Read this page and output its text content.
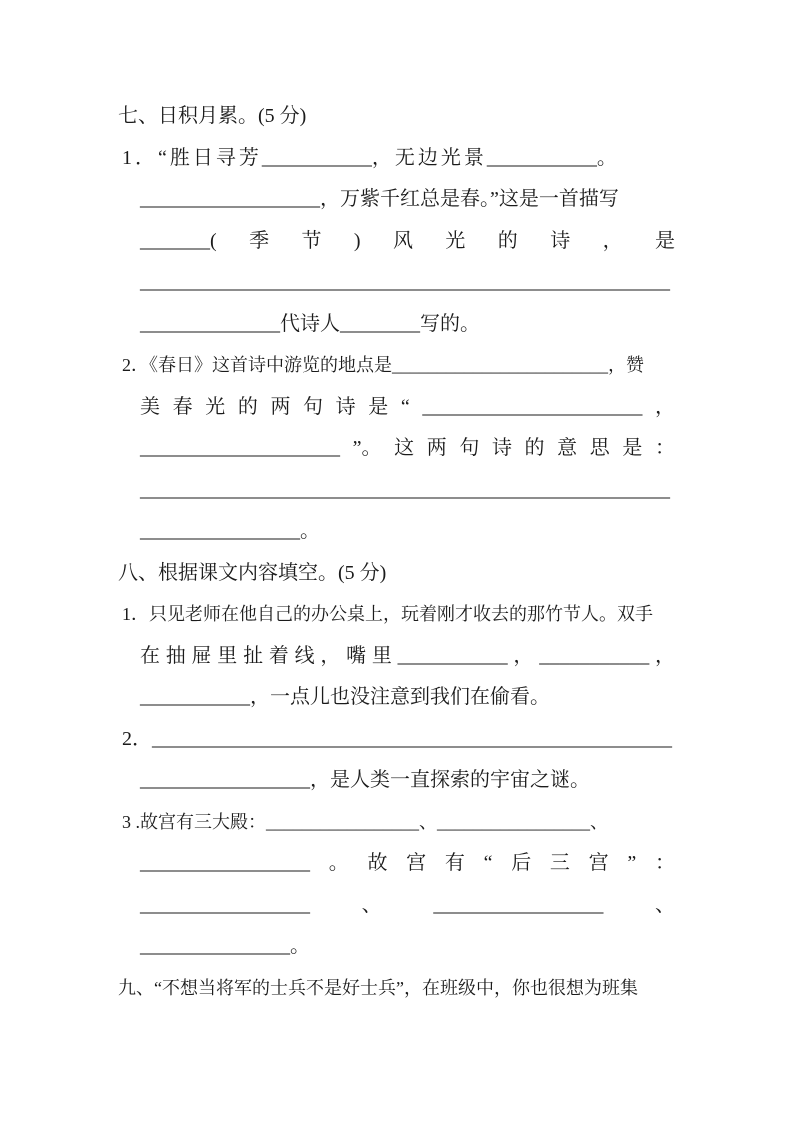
七、日积月累。(5 分)
1．“胜日寻芳 ___________ ，无边光景 ___________ 。
__________________ ，万紫千红总是春。”这是一首描写
_______( 季 节 ) 风 光 的 诗 ， 是
_____________________________________________________
______________ 代诗人 ________ 写的。
2．《春日》这首诗中游览的地点是 ________________________ ，赞
美 春 光 的 两 句 诗 是 “ ______________________ ，
____________________ ”。 这 两 句 诗 的 意 思 是 ：
_____________________________________________________
________________ 。
八、根据课文内容填空。(5 分)
1．只见老师在他自己的办公桌上，玩着刚才收去的那竹节人。双手
在 抽 屉 里 扯 着 线 ， 嘴 里 ___________ ， ___________ ，
___________ ，一点儿也没注意到我们在偷看。
2． ____________________________________________________
_________________ ，是人类一直探索的宇宙之谜。
3 .故宫有三大殿： _________________ 、 _________________ 、
_________________ 。 故 宫 有 “ 后 三 宫 ” ：
_________________	、	_________________	、
_______________ 。
九、“不想当将军的士兵不是好士兵”，在班级中，你也很想为班集
